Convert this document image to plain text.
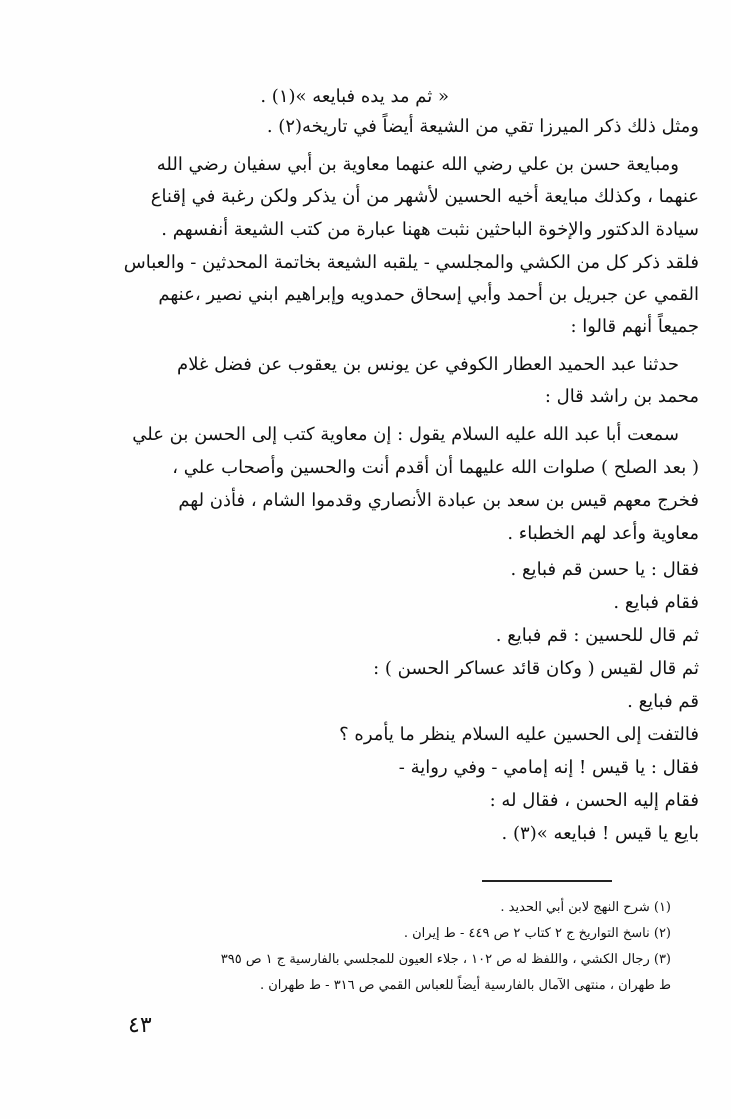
« ثم مد يده فبايعه »(١) .
ومثل ذلك ذكر الميرزا تقي من الشيعة أيضاً في تاريخه(٢) .
ومبايعة حسن بن علي رضي الله عنهما معاوية بن أبي سفيان رضي الله
عنهما ، وكذلك مبايعة أخيه الحسين لأشهر من أن يذكر ولكن رغبة في إقناع
سيادة الدكتور والإخوة الباحثين نثبت ههنا عبارة من كتب الشيعة أنفسهم .
فلقد ذكر كل من الكشي والمجلسي - يلقبه الشيعة بخاتمة المحدثين - والعباس
القمي عن جبريل بن أحمد وأبي إسحاق حمدويه وإبراهيم ابني نصير ،عنهم
جميعاً أنهم قالوا :
حدثنا عبد الحميد العطار الكوفي عن يونس بن يعقوب عن فضل غلام
محمد بن راشد قال :
سمعت أبا عبد الله عليه السلام يقول : إن معاوية كتب إلى الحسن بن علي
( بعد الصلح ) صلوات الله عليهما أن أقدم أنت والحسين وأصحاب علي ،
فخرج معهم قيس بن سعد بن عبادة الأنصاري وقدموا الشام ، فأذن لهم
معاوية وأعد لهم الخطباء .
فقال : يا حسن قم فبايع .
فقام فبايع .
ثم قال للحسين : قم فبايع .
ثم قال لقيس ( وكان قائد عساكر الحسن ) :
قم فبايع .
فالتفت إلى الحسين عليه السلام ينظر ما يأمره ؟
فقال : يا قيس ! إنه إمامي - وفي رواية -
فقام إليه الحسن ، فقال له :
بايع يا قيس ! فبايعه »(٣) .
(١) شرح النهج لابن أبي الحديد .
(٢) ناسخ التواريخ ج ٢ كتاب ٢ ص ٤٤٩ - ط إيران .
(٣) رجال الكشي ، واللفظ له ص ١٠٢ ، جلاء العيون للمجلسي بالفارسية ج ١ ص ٣٩٥
ط طهران ، منتهى الآمال بالفارسية أيضاً للعباس القمي ص ٣١٦ - ط طهران .
٤٣
